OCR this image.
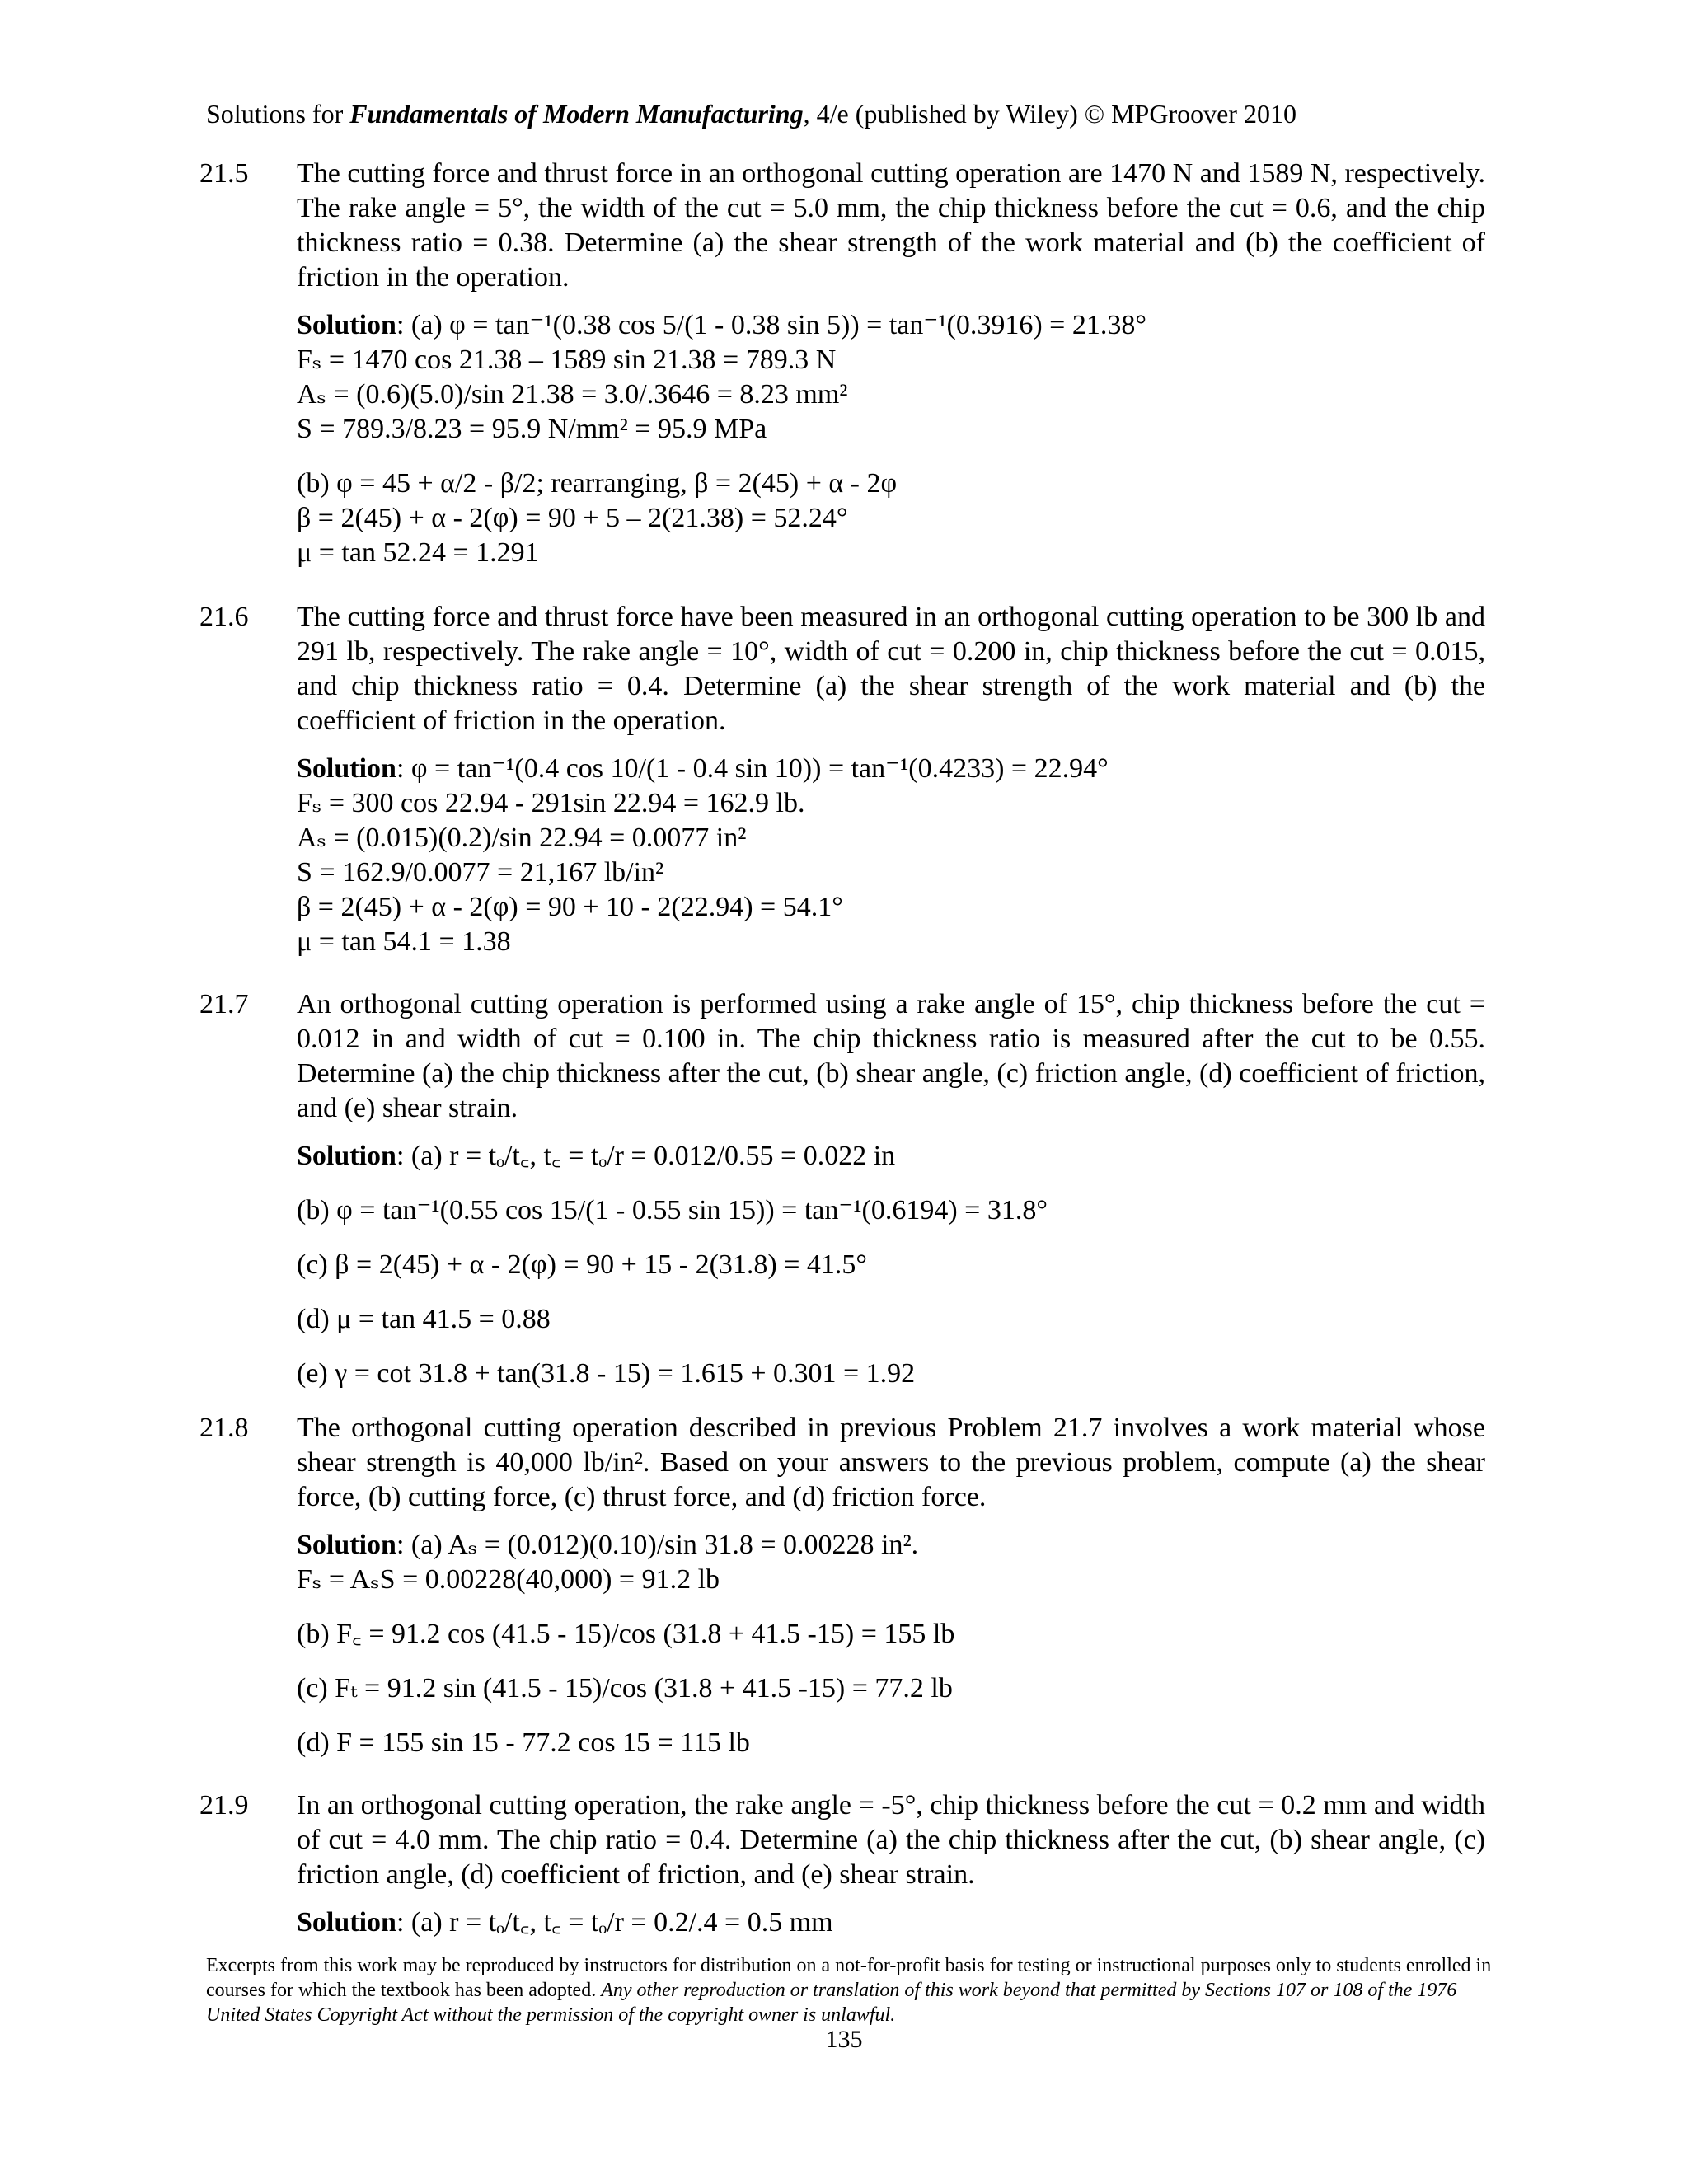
Solutions for Fundamentals of Modern Manufacturing, 4/e (published by Wiley) © MPGroover 2010
21.5 The cutting force and thrust force in an orthogonal cutting operation are 1470 N and 1589 N, respectively. The rake angle = 5°, the width of the cut = 5.0 mm, the chip thickness before the cut = 0.6, and the chip thickness ratio = 0.38. Determine (a) the shear strength of the work material and (b) the coefficient of friction in the operation.
Solution: (a) φ = tan⁻¹(0.38 cos 5/(1 - 0.38 sin 5)) = tan⁻¹(0.3916) = 21.38°
Fₛ = 1470 cos 21.38 – 1589 sin 21.38 = 789.3 N
Aₛ = (0.6)(5.0)/sin 21.38 = 3.0/.3646 = 8.23 mm²
S = 789.3/8.23 = 95.9 N/mm² = 95.9 MPa
(b) φ = 45 + α/2 - β/2; rearranging, β = 2(45) + α - 2φ
β = 2(45) + α - 2(φ) = 90 + 5 – 2(21.38) = 52.24°
μ = tan 52.24 = 1.291
21.6 The cutting force and thrust force have been measured in an orthogonal cutting operation to be 300 lb and 291 lb, respectively. The rake angle = 10°, width of cut = 0.200 in, chip thickness before the cut = 0.015, and chip thickness ratio = 0.4. Determine (a) the shear strength of the work material and (b) the coefficient of friction in the operation.
Solution: φ = tan⁻¹(0.4 cos 10/(1 - 0.4 sin 10)) = tan⁻¹(0.4233) = 22.94°
Fₛ = 300 cos 22.94 - 291sin 22.94 = 162.9 lb.
Aₛ = (0.015)(0.2)/sin 22.94 = 0.0077 in²
S = 162.9/0.0077 = 21,167 lb/in²
β = 2(45) + α - 2(φ) = 90 + 10 - 2(22.94) = 54.1°
μ = tan 54.1 = 1.38
21.7 An orthogonal cutting operation is performed using a rake angle of 15°, chip thickness before the cut = 0.012 in and width of cut = 0.100 in. The chip thickness ratio is measured after the cut to be 0.55. Determine (a) the chip thickness after the cut, (b) shear angle, (c) friction angle, (d) coefficient of friction, and (e) shear strain.
Solution: (a) r = tₒ/t꜀, t꜀ = tₒ/r = 0.012/0.55 = 0.022 in
(b) φ = tan⁻¹(0.55 cos 15/(1 - 0.55 sin 15)) = tan⁻¹(0.6194) = 31.8°
(c) β = 2(45) + α - 2(φ) = 90 + 15 - 2(31.8) = 41.5°
(d) μ = tan 41.5 = 0.88
(e) γ = cot 31.8 + tan(31.8 - 15) = 1.615 + 0.301 = 1.92
21.8 The orthogonal cutting operation described in previous Problem 21.7 involves a work material whose shear strength is 40,000 lb/in². Based on your answers to the previous problem, compute (a) the shear force, (b) cutting force, (c) thrust force, and (d) friction force.
Solution: (a) Aₛ = (0.012)(0.10)/sin 31.8 = 0.00228 in².
Fₛ = AₛS = 0.00228(40,000) = 91.2 lb
(b) F꜀ = 91.2 cos (41.5 - 15)/cos (31.8 + 41.5 -15) = 155 lb
(c) Fₜ = 91.2 sin (41.5 - 15)/cos (31.8 + 41.5 -15) = 77.2 lb
(d) F = 155 sin 15 - 77.2 cos 15 = 115 lb
21.9 In an orthogonal cutting operation, the rake angle = -5°, chip thickness before the cut = 0.2 mm and width of cut = 4.0 mm. The chip ratio = 0.4. Determine (a) the chip thickness after the cut, (b) shear angle, (c) friction angle, (d) coefficient of friction, and (e) shear strain.
Solution: (a) r = tₒ/t꜀, t꜀ = tₒ/r = 0.2/.4 = 0.5 mm
Excerpts from this work may be reproduced by instructors for distribution on a not-for-profit basis for testing or instructional purposes only to students enrolled in courses for which the textbook has been adopted. Any other reproduction or translation of this work beyond that permitted by Sections 107 or 108 of the 1976 United States Copyright Act without the permission of the copyright owner is unlawful.
135
